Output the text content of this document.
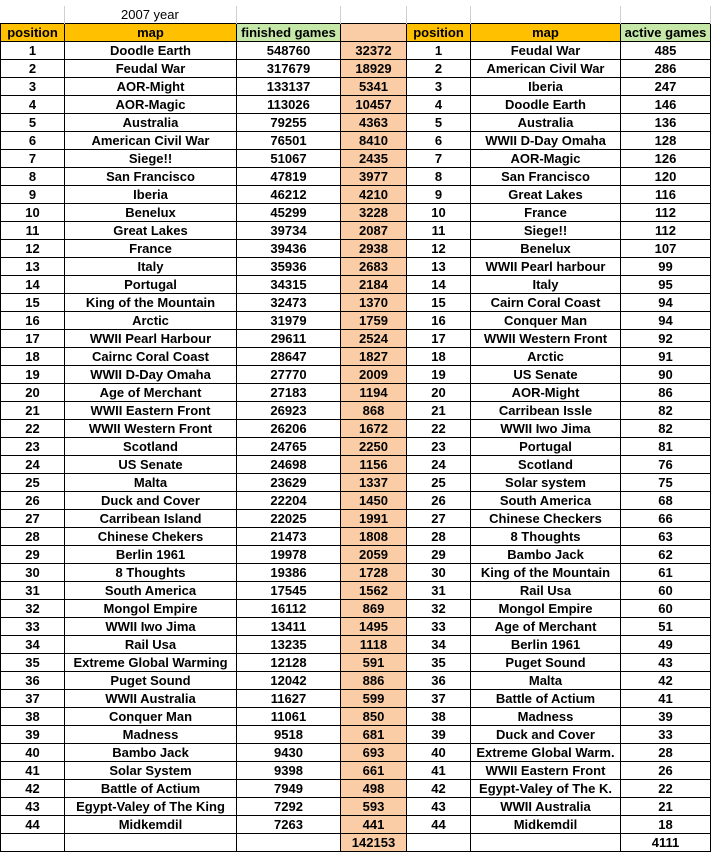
	2007 year					
position	map	finished games		position	map	active games
1	Doodle Earth	548760	32372	1	Feudal War	485
2	Feudal War	317679	18929	2	American Civil War	286
3	AOR-Might	133137	5341	3	Iberia	247
4	AOR-Magic	113026	10457	4	Doodle Earth	146
5	Australia	79255	4363	5	Australia	136
6	American Civil War	76501	8410	6	WWII D-Day Omaha	128
7	Siege!!	51067	2435	7	AOR-Magic	126
8	San Francisco	47819	3977	8	San Francisco	120
9	Iberia	46212	4210	9	Great Lakes	116
10	Benelux	45299	3228	10	France	112
11	Great Lakes	39734	2087	11	Siege!!	112
12	France	39436	2938	12	Benelux	107
13	Italy	35936	2683	13	WWII Pearl harbour	99
14	Portugal	34315	2184	14	Italy	95
15	King of the Mountain	32473	1370	15	Cairn Coral Coast	94
16	Arctic	31979	1759	16	Conquer Man	94
17	WWII Pearl Harbour	29611	2524	17	WWII Western Front	92
18	Cairnc Coral Coast	28647	1827	18	Arctic	91
19	WWII D-Day Omaha	27770	2009	19	US Senate	90
20	Age of Merchant	27183	1194	20	AOR-Might	86
21	WWII Eastern Front	26923	868	21	Carribean Issle	82
22	WWII Western Front	26206	1672	22	WWII Iwo Jima	82
23	Scotland	24765	2250	23	Portugal	81
24	US Senate	24698	1156	24	Scotland	76
25	Malta	23629	1337	25	Solar system	75
26	Duck and Cover	22204	1450	26	South America	68
27	Carribean Island	22025	1991	27	Chinese Checkers	66
28	Chinese Chekers	21473	1808	28	8 Thoughts	63
29	Berlin 1961	19978	2059	29	Bambo Jack	62
30	8 Thoughts	19386	1728	30	King of the Mountain	61
31	South America	17545	1562	31	Rail Usa	60
32	Mongol Empire	16112	869	32	Mongol Empire	60
33	WWII Iwo Jima	13411	1495	33	Age of Merchant	51
34	Rail Usa	13235	1118	34	Berlin 1961	49
35	Extreme Global Warming	12128	591	35	Puget Sound	43
36	Puget Sound	12042	886	36	Malta	42
37	WWII Australia	11627	599	37	Battle of Actium	41
38	Conquer Man	11061	850	38	Madness	39
39	Madness	9518	681	39	Duck and Cover	33
40	Bambo Jack	9430	693	40	Extreme Global Warm.	28
41	Solar System	9398	661	41	WWII Eastern Front	26
42	Battle of Actium	7949	498	42	Egypt-Valey of The K.	22
43	Egypt-Valey of The King	7292	593	43	WWII Australia	21
44	Midkemdil	7263	441	44	Midkemdil	18
			142153			4111
